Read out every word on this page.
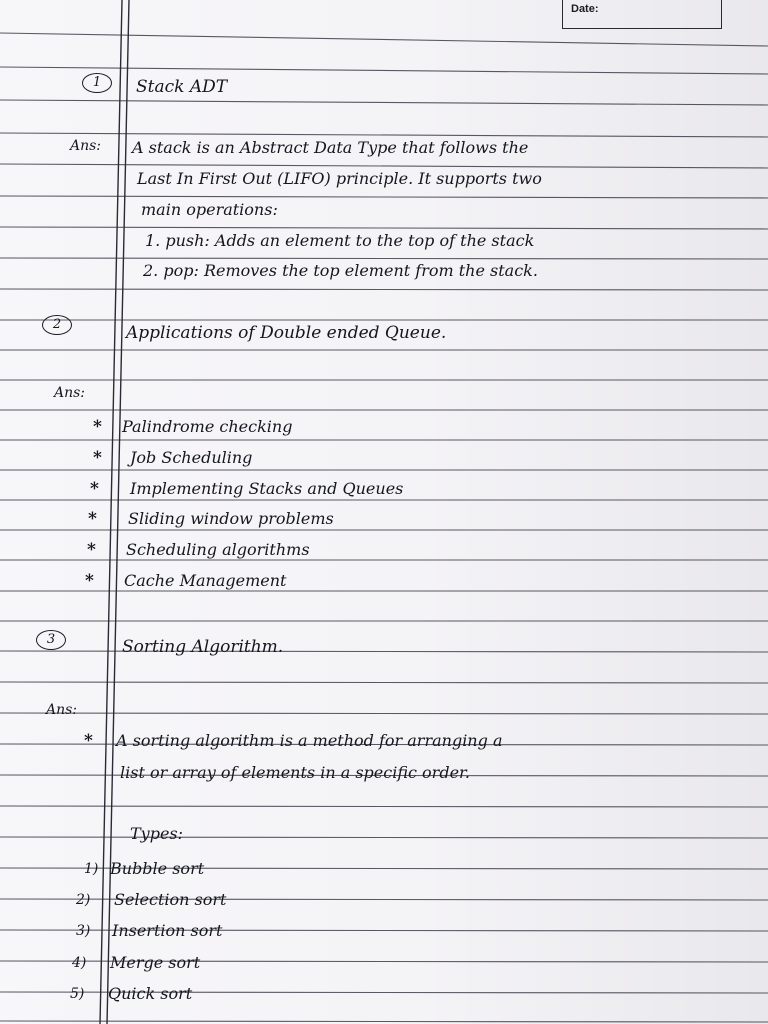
Date:
1	Stack ADT
Ans: A stack is an Abstract Data Type that follows the
Last In First Out (LIFO) principle. It supports two
main operations:
1. push: Adds an element to the top of the stack
2. pop: Removes the top element from the stack.
2	Applications of Double ended Queue.
Ans:
* Palindrome checking
* Job Scheduling
* Implementing Stacks and Queues
* Sliding window problems
* Scheduling algorithms
* Cache Management
3	Sorting Algorithm.
Ans:
* A sorting algorithm is a method for arranging a
list or array of elements in a specific order.
Types:
1) Bubble sort
2) Selection sort
3) Insertion sort
4) Merge sort
5) Quick sort
